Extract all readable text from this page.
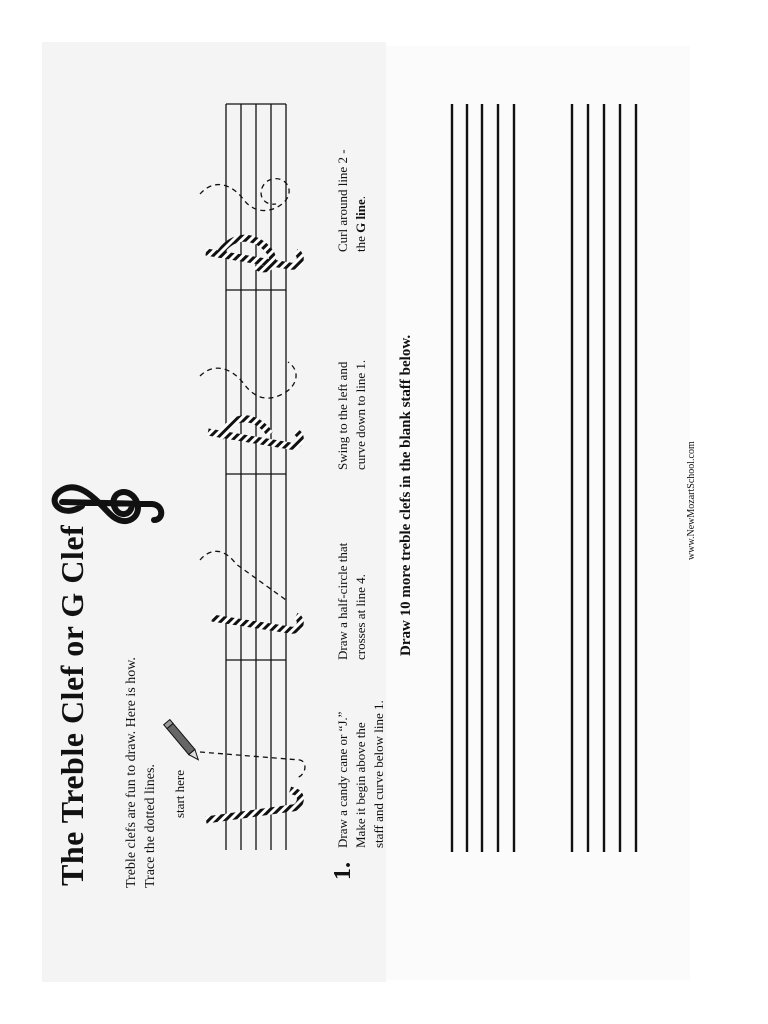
The Treble Clef or G Clef Treble clefs are fun to draw. Here is how. Trace the dotted lines. start here
1.
Draw a candy cane or “J.” Make it begin above the staff and curve below line 1.
Draw a half-circle that crosses at line 4.
Swing to the left and curve down to line 1.
Curl around line 2 - the G line.
Draw 10 more treble clefs in the blank staff below.	www.NewMozartSchool.com
